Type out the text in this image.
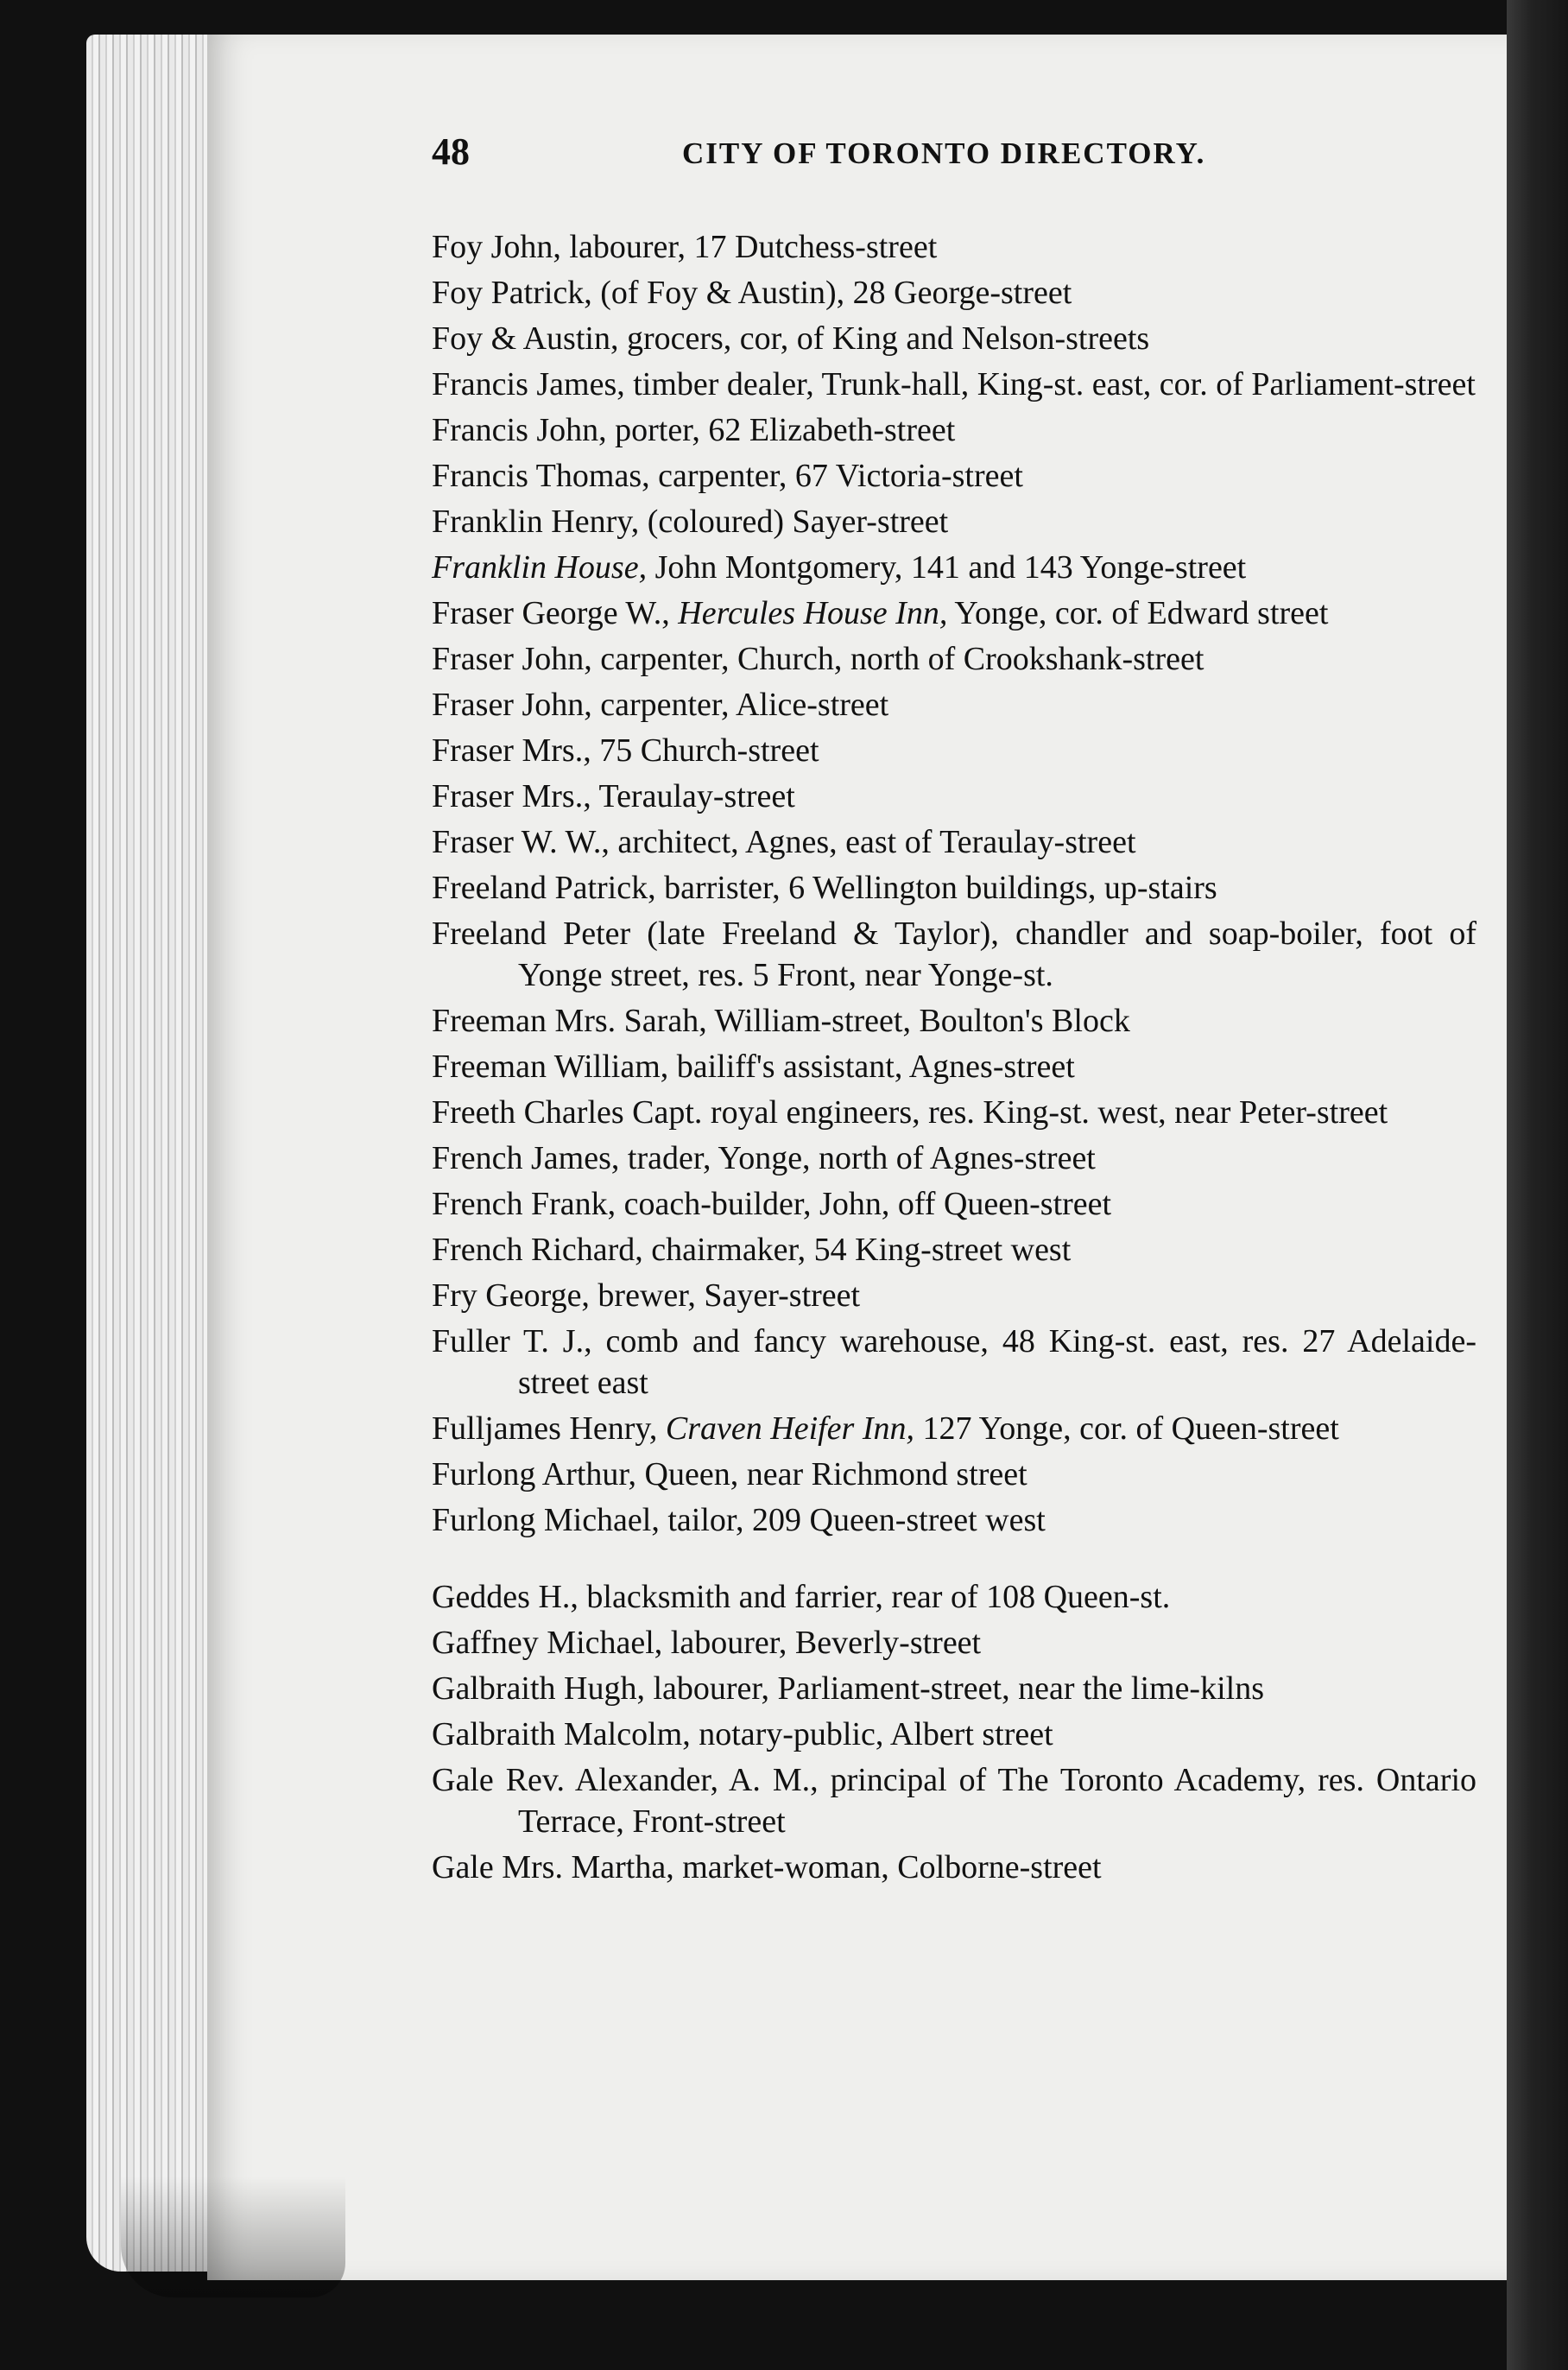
48	CITY OF TORONTO DIRECTORY.
Foy John, labourer, 17 Dutchess-street
Foy Patrick, (of Foy & Austin), 28 George-street
Foy & Austin, grocers, cor, of King and Nelson-streets
Francis James, timber dealer, Trunk-hall, King-st. east, cor. of Parliament-street
Francis John, porter, 62 Elizabeth-street
Francis Thomas, carpenter, 67 Victoria-street
Franklin Henry, (coloured) Sayer-street
Franklin House, John Montgomery, 141 and 143 Yonge-street
Fraser George W., Hercules House Inn, Yonge, cor. of Edward street
Fraser John, carpenter, Church, north of Crookshank-street
Fraser John, carpenter, Alice-street
Fraser Mrs., 75 Church-street
Fraser Mrs., Teraulay-street
Fraser W. W., architect, Agnes, east of Teraulay-street
Freeland Patrick, barrister, 6 Wellington buildings, up-stairs
Freeland Peter (late Freeland & Taylor), chandler and soap-boiler, foot of Yonge street, res. 5 Front, near Yonge-st.
Freeman Mrs. Sarah, William-street, Boulton's Block
Freeman William, bailiff's assistant, Agnes-street
Freeth Charles Capt. royal engineers, res. King-st. west, near Peter-street
French James, trader, Yonge, north of Agnes-street
French Frank, coach-builder, John, off Queen-street
French Richard, chairmaker, 54 King-street west
Fry George, brewer, Sayer-street
Fuller T. J., comb and fancy warehouse, 48 King-st. east, res. 27 Adelaide-street east
Fulljames Henry, Craven Heifer Inn, 127 Yonge, cor. of Queen-street
Furlong Arthur, Queen, near Richmond street
Furlong Michael, tailor, 209 Queen-street west
Geddes H., blacksmith and farrier, rear of 108 Queen-st.
Gaffney Michael, labourer, Beverly-street
Galbraith Hugh, labourer, Parliament-street, near the lime-kilns
Galbraith Malcolm, notary-public, Albert street
Gale Rev. Alexander, A. M., principal of The Toronto Academy, res. Ontario Terrace, Front-street
Gale Mrs. Martha, market-woman, Colborne-street
